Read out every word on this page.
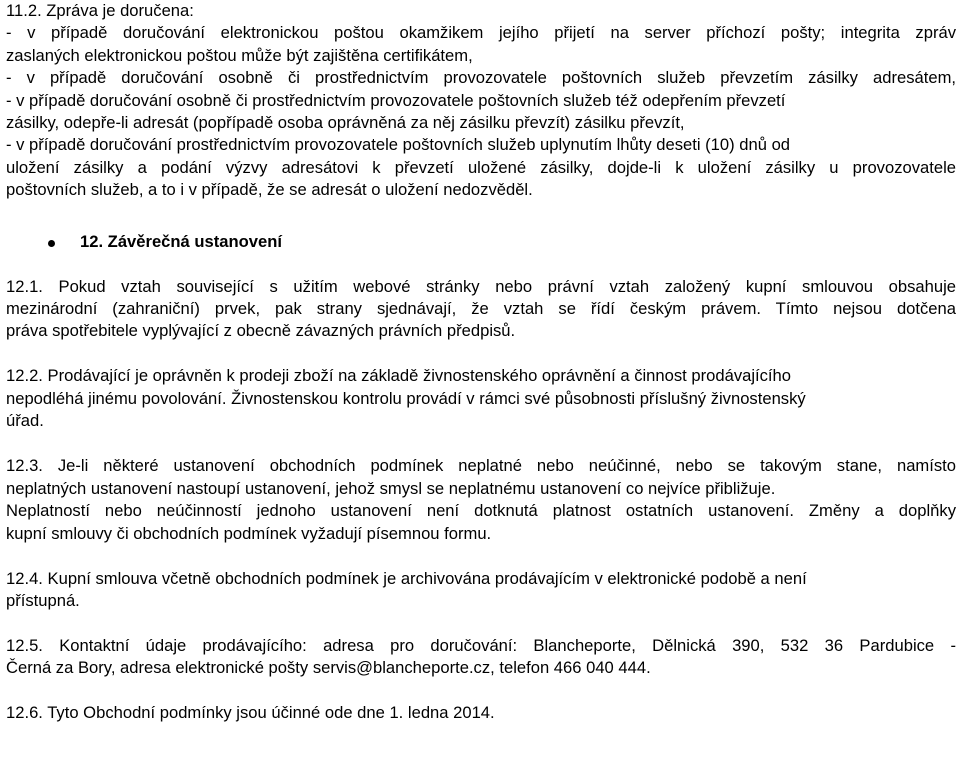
11.2. Zpráva je doručena:
- v případě doručování elektronickou poštou okamžikem jejího přijetí na server příchozí pošty; integrita zpráv
zaslaných elektronickou poštou může být zajištěna certifikátem,
- v případě doručování osobně či prostřednictvím provozovatele poštovních služeb převzetím zásilky adresátem,
- v případě doručování osobně či prostřednictvím provozovatele poštovních služeb též odepřením převzetí
zásilky, odepře-li adresát (popřípadě osoba oprávněná za něj zásilku převzít) zásilku převzít,
- v případě doručování prostřednictvím provozovatele poštovních služeb uplynutím lhůty deseti (10) dnů od
uložení zásilky a podání výzvy adresátovi k převzetí uložené zásilky, dojde-li k uložení zásilky u provozovatele
poštovních služeb, a to i v případě, že se adresát o uložení nedozvěděl.
12. Závěrečná ustanovení
12.1. Pokud vztah související s užitím webové stránky nebo právní vztah založený kupní smlouvou obsahuje
mezinárodní (zahraniční) prvek, pak strany sjednávají, že vztah se řídí českým právem. Tímto nejsou dotčena
práva spotřebitele vyplývající z obecně závazných právních předpisů.
12.2. Prodávající je oprávněn k prodeji zboží na základě živnostenského oprávnění a činnost prodávajícího
nepodléhá jinému povolování. Živnostenskou kontrolu provádí v rámci své působnosti příslušný živnostenský
úřad.
12.3. Je-li některé ustanovení obchodních podmínek neplatné nebo neúčinné, nebo se takovým stane, namísto
neplatných ustanovení nastoupí ustanovení, jehož smysl se neplatnému ustanovení co nejvíce přibližuje.
Neplatností nebo neúčinností jednoho ustanovení není dotknutá platnost ostatních ustanovení. Změny a doplňky
kupní smlouvy či obchodních podmínek vyžadují písemnou formu.
12.4. Kupní smlouva včetně obchodních podmínek je archivována prodávajícím v elektronické podobě a není
přístupná.
12.5. Kontaktní údaje prodávajícího: adresa pro doručování: Blancheporte, Dělnická 390, 532 36 Pardubice -
Černá za Bory, adresa elektronické pošty servis@blancheporte.cz, telefon 466 040 444.
12.6. Tyto Obchodní podmínky jsou účinné ode dne 1. ledna 2014.
